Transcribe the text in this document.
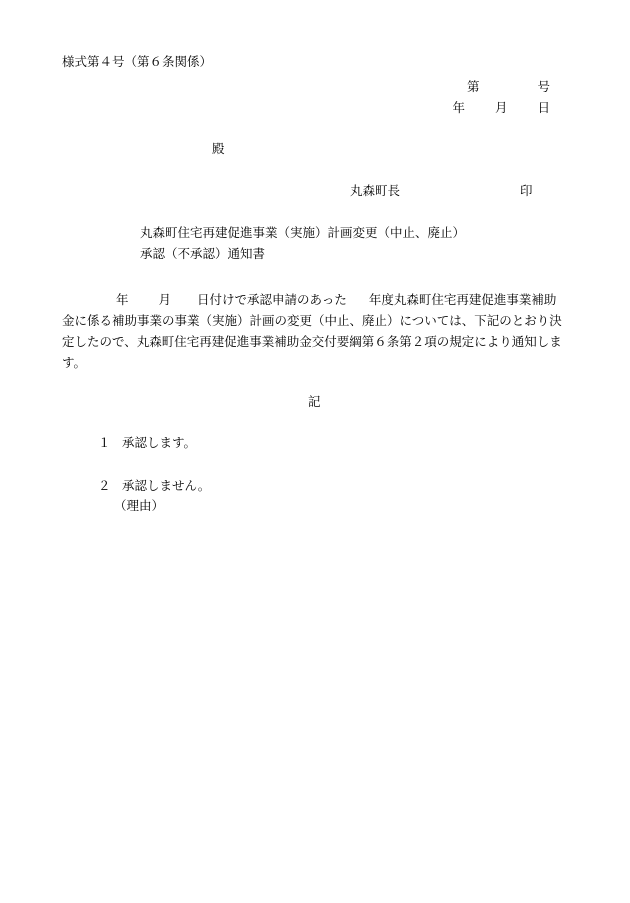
様式第４号（第６条関係）
第	号
年 月 日
殿
丸森町長	印
丸森町住宅再建促進事業（実施）計画変更（中止、廃止）
承認（不承認）通知書
年 月 日付けで承認申請のあった 年度丸森町住宅再建促進事業補助金に係る補助事業の事業（実施）計画の変更（中止、廃止）については、下記のとおり決定したので、丸森町住宅再建促進事業補助金交付要綱第６条第２項の規定により通知します。
記
１ 承認します。
２ 承認しません。
（理由）
